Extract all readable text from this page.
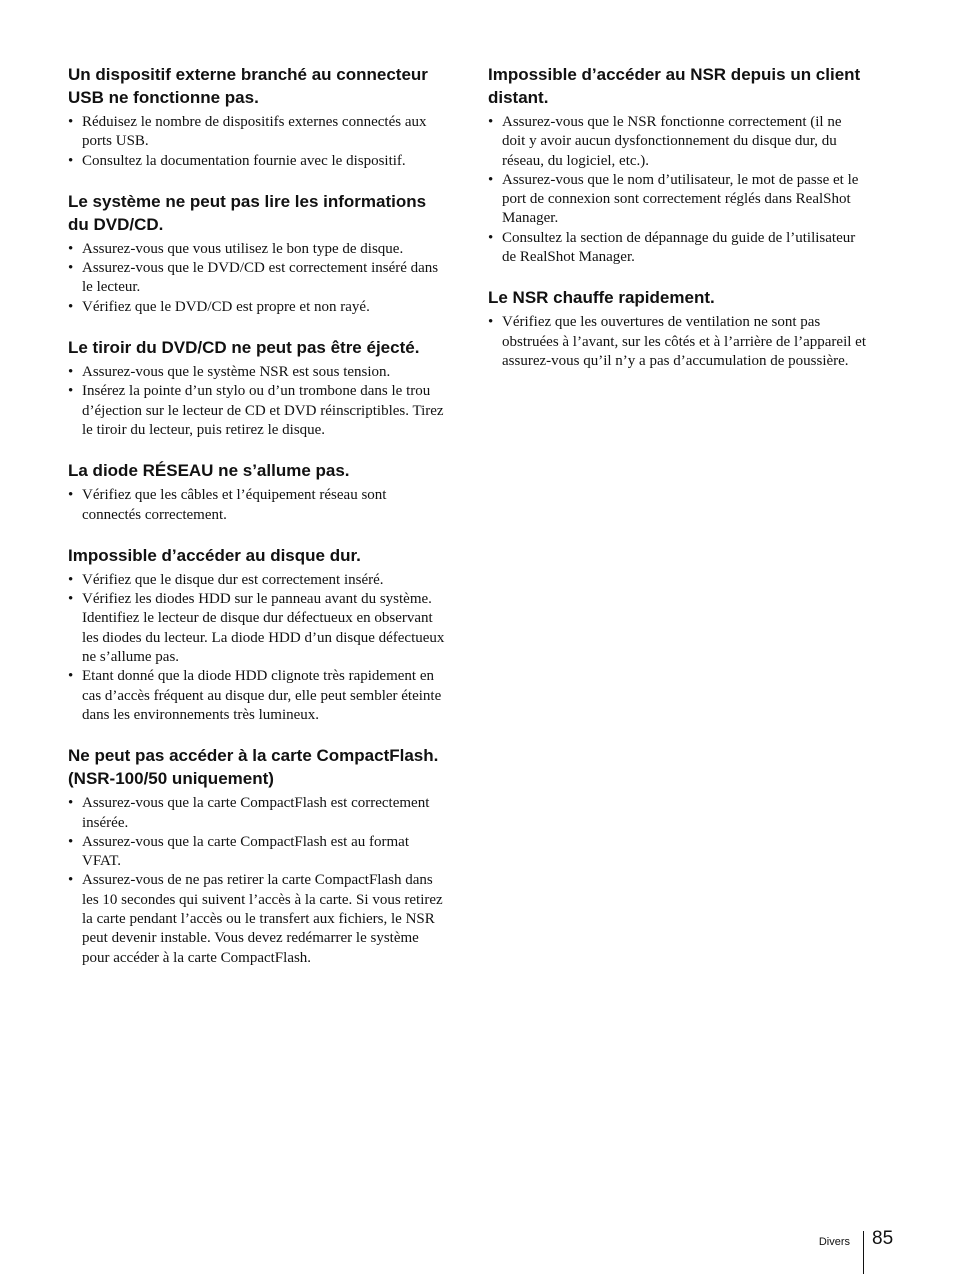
Un dispositif externe branché au connecteur USB ne fonctionne pas.
• Réduisez le nombre de dispositifs externes connectés aux ports USB.
• Consultez la documentation fournie avec le dispositif.
Le système ne peut pas lire les informations du DVD/CD.
• Assurez-vous que vous utilisez le bon type de disque.
• Assurez-vous que le DVD/CD est correctement inséré dans le lecteur.
• Vérifiez que le DVD/CD est propre et non rayé.
Le tiroir du DVD/CD ne peut pas être éjecté.
• Assurez-vous que le système NSR est sous tension.
• Insérez la pointe d’un stylo ou d’un trombone dans le trou d’éjection sur le lecteur de CD et DVD réinscriptibles. Tirez le tiroir du lecteur, puis retirez le disque.
La diode RÉSEAU ne s’allume pas.
• Vérifiez que les câbles et l’équipement réseau sont connectés correctement.
Impossible d’accéder au disque dur.
• Vérifiez que le disque dur est correctement inséré.
• Vérifiez les diodes HDD sur le panneau avant du système. Identifiez le lecteur de disque dur défectueux en observant les diodes du lecteur. La diode HDD d’un disque défectueux ne s’allume pas.
• Etant donné que la diode HDD clignote très rapidement en cas d’accès fréquent au disque dur, elle peut sembler éteinte dans les environnements très lumineux.
Ne peut pas accéder à la carte CompactFlash. (NSR-100/50 uniquement)
• Assurez-vous que la carte CompactFlash est correctement insérée.
• Assurez-vous que la carte CompactFlash est au format VFAT.
• Assurez-vous de ne pas retirer la carte CompactFlash dans les 10 secondes qui suivent l’accès à la carte. Si vous retirez la carte pendant l’accès ou le transfert aux fichiers, le NSR peut devenir instable. Vous devez redémarrer le système pour accéder à la carte CompactFlash.
Impossible d’accéder au NSR depuis un client distant.
• Assurez-vous que le NSR fonctionne correctement (il ne doit y avoir aucun dysfonctionnement du disque dur, du réseau, du logiciel, etc.).
• Assurez-vous que le nom d’utilisateur, le mot de passe et le port de connexion sont correctement réglés dans RealShot Manager.
• Consultez la section de dépannage du guide de l’utilisateur de RealShot Manager.
Le NSR chauffe rapidement.
• Vérifiez que les ouvertures de ventilation ne sont pas obstruées à l’avant, sur les côtés et à l’arrière de l’appareil et assurez-vous qu’il n’y a pas d’accumulation de poussière.
Divers 85
